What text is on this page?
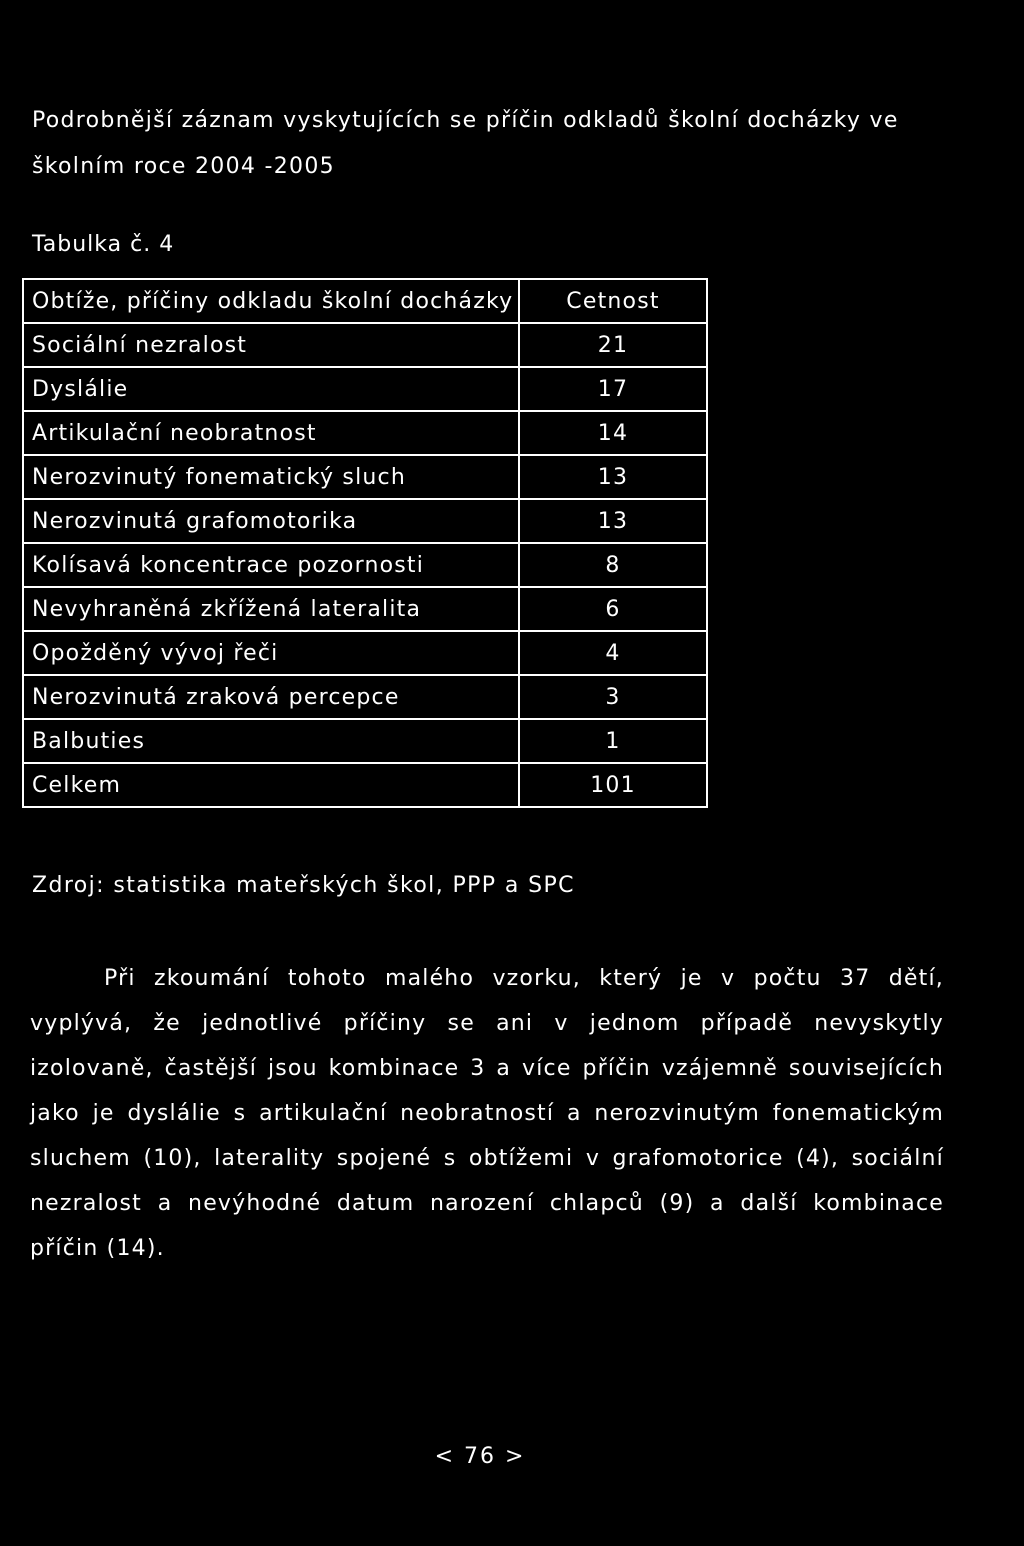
Podrobnější záznam vyskytujících se příčin odkladů školní docházky ve školním roce 2004 -2005
Tabulka č. 4
Obtíže, příčiny odkladu školní docházky	Cetnost
Sociální nezralost	21
Dyslálie	17
Artikulační neobratnost	14
Nerozvinutý fonematický sluch	13
Nerozvinutá grafomotorika	13
Kolísavá koncentrace pozornosti	8
Nevyhraněná zkřížená lateralita	6
Opožděný vývoj řeči	4
Nerozvinutá zraková percepce	3
Balbuties	1
Celkem	101
Zdroj: statistika mateřských škol, PPP a SPC
Při zkoumání tohoto malého vzorku, který je v počtu 37 dětí, vyplývá, že jednotlivé příčiny se ani v jednom případě nevyskytly izolovaně, častější jsou kombinace 3 a více příčin vzájemně souvisejících jako je dyslálie s artikulační neobratností a nerozvinutým fonematickým sluchem (10), laterality spojené s obtížemi v grafomotorice (4), sociální nezralost a nevýhodné datum narození chlapců (9) a další kombinace příčin (14).
< 76 >
